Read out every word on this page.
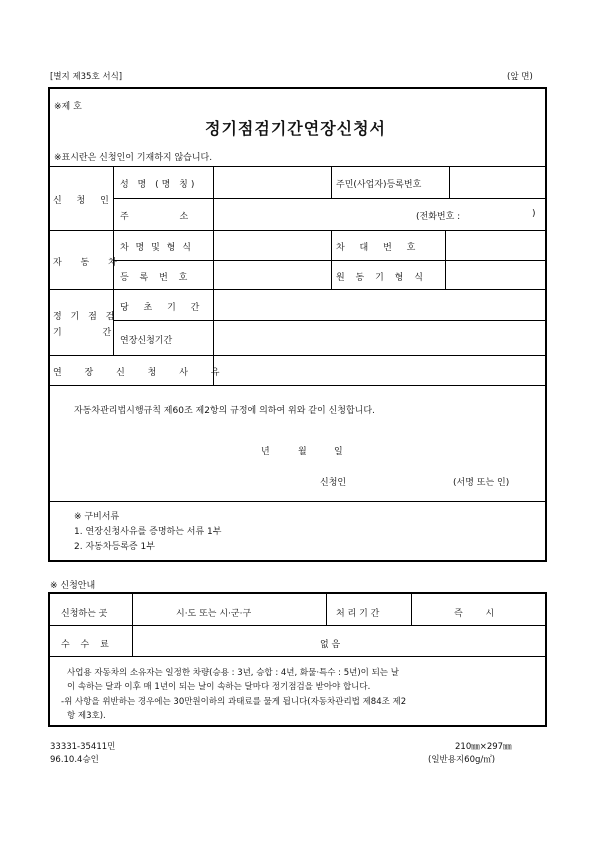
[별지 제35호 서식]	(앞 면)
※제 호
정기점검기간연장신청서
※표시란은 신청인이 기재하지 않습니다.
신 청 인
성 명 (명 칭)	주민(사업자)등록번호
주 소	(전화번호 :	)
자 동 차
차 명 및 형 식	차 대 번 호
등 록 번 호	원 동 기 형 식
정 기 점 검
기 간
당 초 기 간
연장신청기간
연 장 신 청 사 유
자동차관리법시행규칙 제60조 제2항의 규정에 의하여 위와 같이 신청합니다.
년	월	일
신청인	(서명 또는 인)
※ 구비서류
1. 연장신청사유를 증명하는 서류 1부
2. 자동차등록증 1부
※ 신청안내
신청하는 곳	시·도 또는 시·군·구	처 리 기 간	즉 시
수 수 료	없 음
사업용 자동차의 소유자는 일정한 차량(승용 : 3년, 승합 : 4년, 화물·특수 : 5년)이 되는 날
이 속하는 달과 이후 매 1년이 되는 날이 속하는 달마다 정기점검을 받아야 합니다.
-위 사항을 위반하는 경우에는 30만원이하의 과태료를 물게 됩니다(자동차관리법 제84조 제2
항 제3호).
33331-35411민
96.10.4승인
210㎜×297㎜
(일반용지60g/㎡)
